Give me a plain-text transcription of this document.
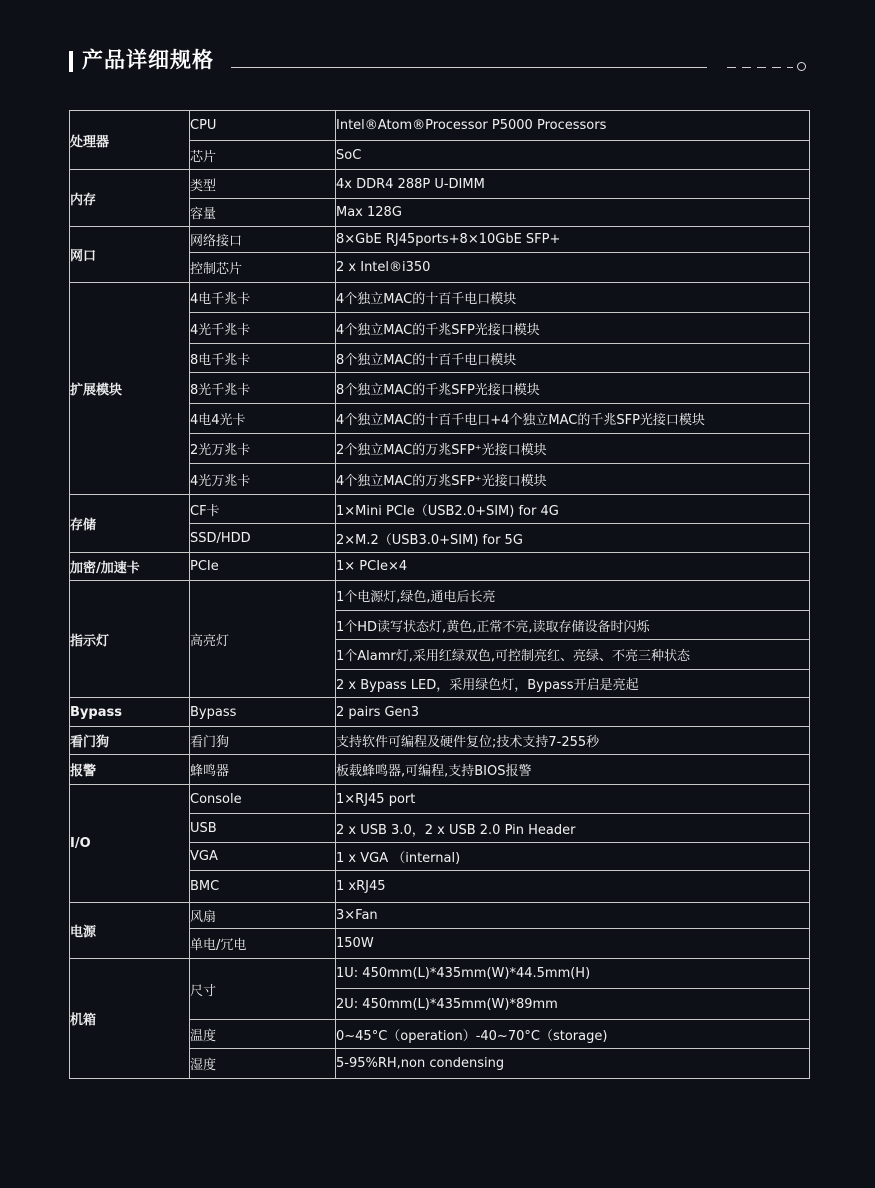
产品详细规格
处理器	CPU	Intel®Atom®Processor P5000 Processors
	芯片	SoC
内存	类型	4x DDR4 288P U-DIMM
	容量	Max 128G
网口	网络接口	8×GbE RJ45ports+8×10GbE SFP+
	控制芯片	2 x Intel®i350
扩展模块	4电千兆卡	4个独立MAC的十百千电口模块
	4光千兆卡	4个独立MAC的千兆SFP光接口模块
	8电千兆卡	8个独立MAC的十百千电口模块
	8光千兆卡	8个独立MAC的千兆SFP光接口模块
	4电4光卡	4个独立MAC的十百千电口+4个独立MAC的千兆SFP光接口模块
	2光万兆卡	2个独立MAC的万兆SFP⁺光接口模块
	4光万兆卡	4个独立MAC的万兆SFP⁺光接口模块
存储	CF卡	1×Mini PCIe（USB2.0+SIM) for 4G
	SSD/HDD	2×M.2（USB3.0+SIM) for 5G
加密/加速卡	PCIe	1× PCIe×4
指示灯	高亮灯	1个电源灯,绿色,通电后长亮
		1个HD读写状态灯,黄色,正常不亮,读取存储设备时闪烁
		1个Alamr灯,采用红绿双色,可控制亮红、亮绿、不亮三种状态
		2 x Bypass LED，采用绿色灯，Bypass开启是亮起
Bypass	Bypass	2 pairs Gen3
看门狗	看门狗	支持软件可编程及硬件复位;技术支持7-255秒
报警	蜂鸣器	板载蜂鸣器,可编程,支持BIOS报警
I/O	Console	1×RJ45 port
	USB	2 x USB 3.0，2 x USB 2.0 Pin Header
	VGA	1 x VGA （internal)
	BMC	1 xRJ45
电源	风扇	3×Fan
	单电/冗电	150W
机箱	尺寸	1U: 450mm(L)*435mm(W)*44.5mm(H)
		2U: 450mm(L)*435mm(W)*89mm
	温度	0~45°C（operation）-40~70°C（storage)
	湿度	5-95%RH,non condensing
